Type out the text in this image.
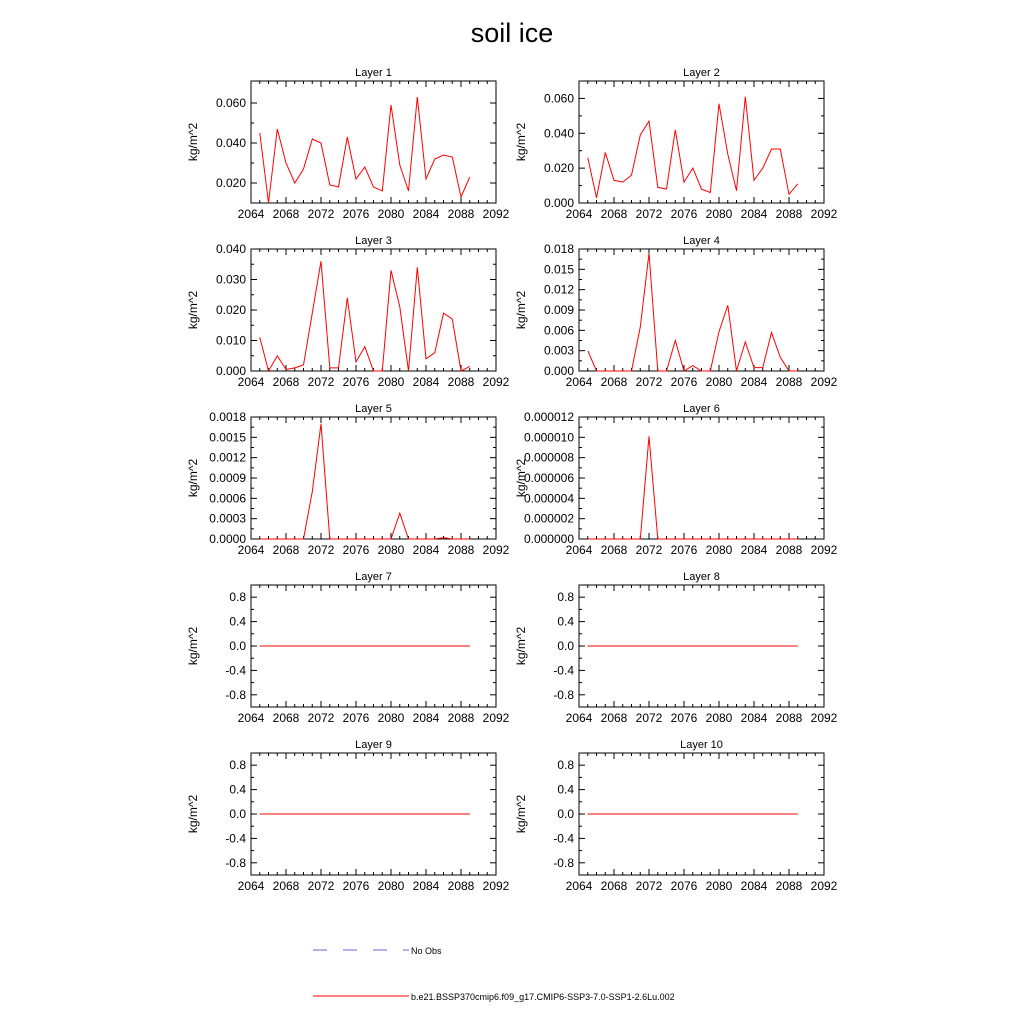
soil ice
Layer 1
2064 2068 2072 2076 2080 2084 2088 2092
0.020
0.040
0.060
kg/m^2
Layer 2
2064 2068 2072 2076 2080 2084 2088 2092
0.000
0.020
0.040
0.060
kg/m^2
Layer 3
2064 2068 2072 2076 2080 2084 2088 2092
0.000
0.010
0.020
0.030
0.040
kg/m^2
Layer 4
2064 2068 2072 2076 2080 2084 2088 2092
0.000
0.003
0.006
0.009
0.012
0.015
0.018
kg/m^2
Layer 5
2064 2068 2072 2076 2080 2084 2088 2092
0.0000
0.0003
0.0006
0.0009
0.0012
0.0015
0.0018
kg/m^2
Layer 6
2064 2068 2072 2076 2080 2084 2088 2092
0.000000
0.000002
0.000004
0.000006
0.000008
0.000010
0.000012
kg/m^2
Layer 7
2064 2068 2072 2076 2080 2084 2088 2092
-0.8
-0.4
0.0
0.4
0.8
kg/m^2
Layer 8
2064 2068 2072 2076 2080 2084 2088 2092
-0.8
-0.4
0.0
0.4
0.8
kg/m^2
Layer 9
2064 2068 2072 2076 2080 2084 2088 2092
-0.8
-0.4
0.0
0.4
0.8
kg/m^2
Layer 10
2064 2068 2072 2076 2080 2084 2088 2092
-0.8
-0.4
0.0
0.4
0.8
kg/m^2
No Obs
b.e21.BSSP370cmip6.f09_g17.CMIP6-SSP3-7.0-SSP1-2.6Lu.002
